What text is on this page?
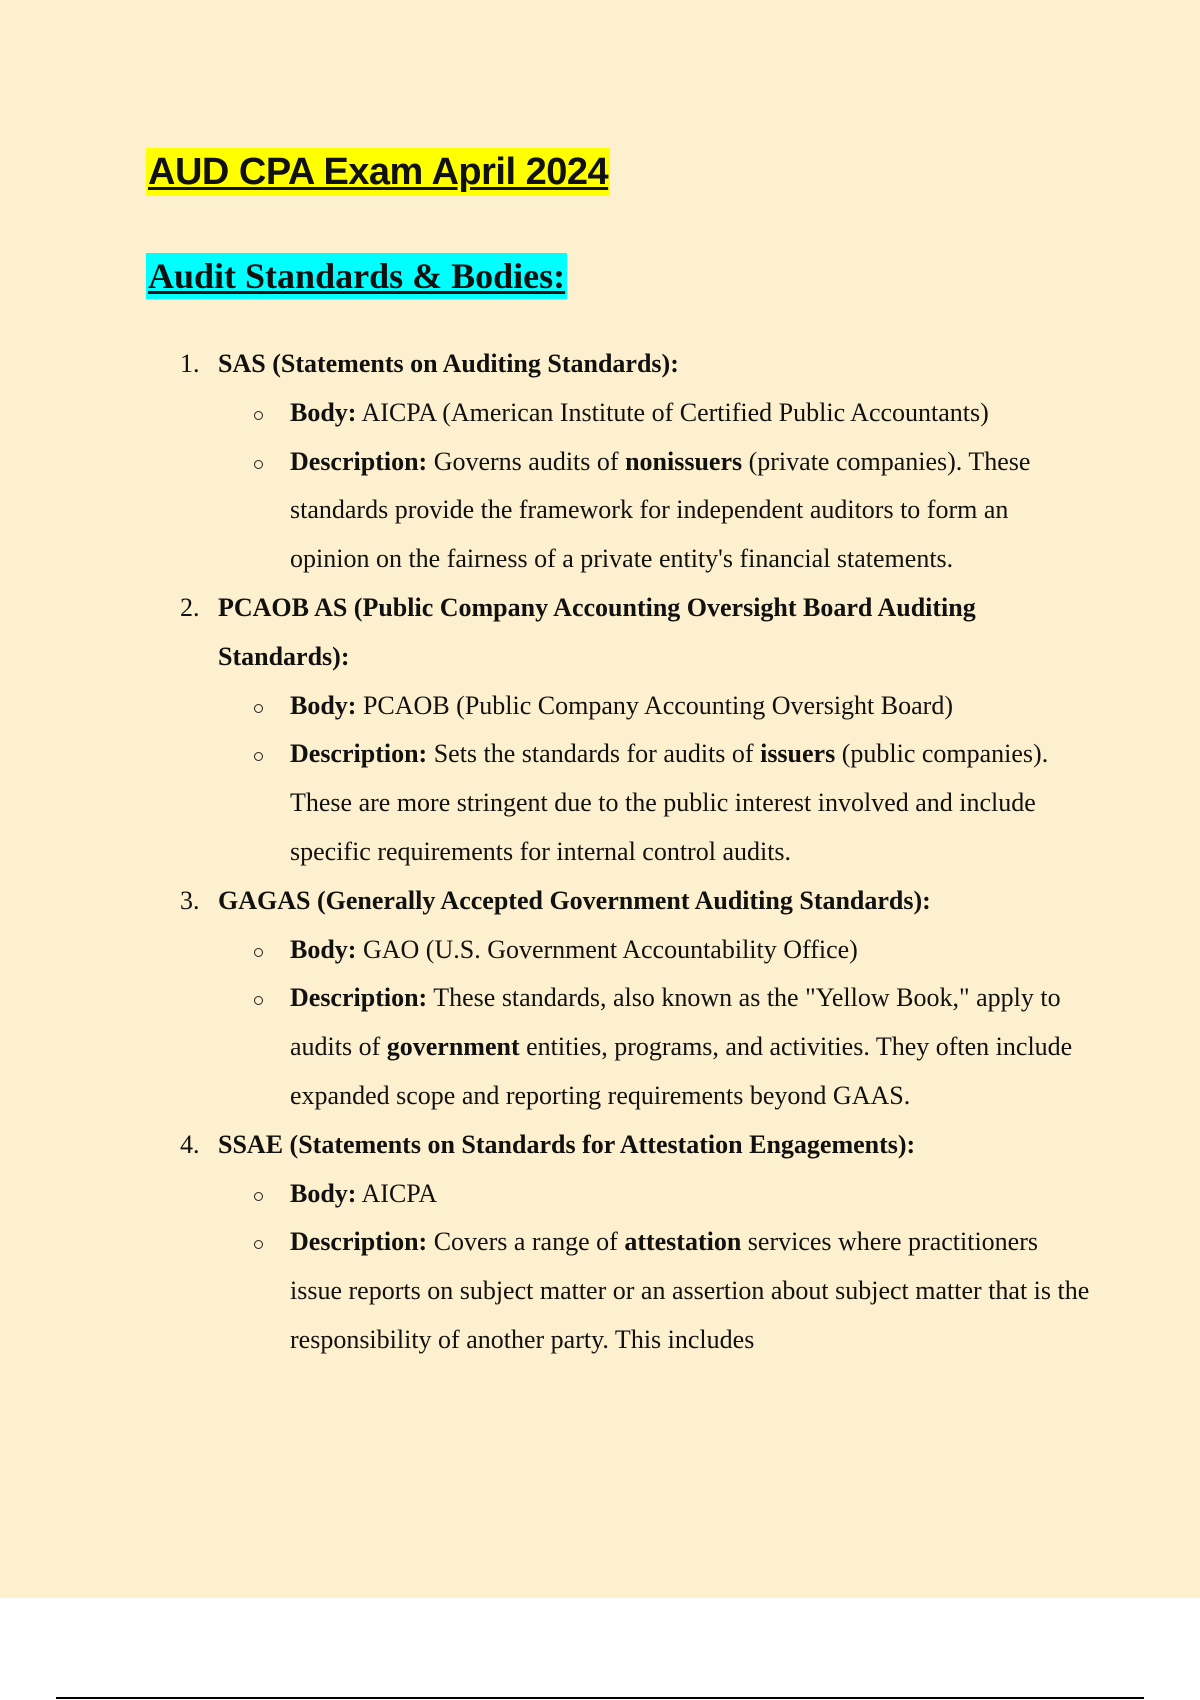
AUD CPA Exam April 2024
Audit Standards & Bodies:
1. SAS (Statements on Auditing Standards):
Body: AICPA (American Institute of Certified Public Accountants)
Description: Governs audits of nonissuers (private companies). These standards provide the framework for independent auditors to form an opinion on the fairness of a private entity's financial statements.
2. PCAOB AS (Public Company Accounting Oversight Board Auditing Standards):
Body: PCAOB (Public Company Accounting Oversight Board)
Description: Sets the standards for audits of issuers (public companies). These are more stringent due to the public interest involved and include specific requirements for internal control audits.
3. GAGAS (Generally Accepted Government Auditing Standards):
Body: GAO (U.S. Government Accountability Office)
Description: These standards, also known as the "Yellow Book," apply to audits of government entities, programs, and activities. They often include expanded scope and reporting requirements beyond GAAS.
4. SSAE (Statements on Standards for Attestation Engagements):
Body: AICPA
Description: Covers a range of attestation services where practitioners issue reports on subject matter or an assertion about subject matter that is the responsibility of another party. This includes
